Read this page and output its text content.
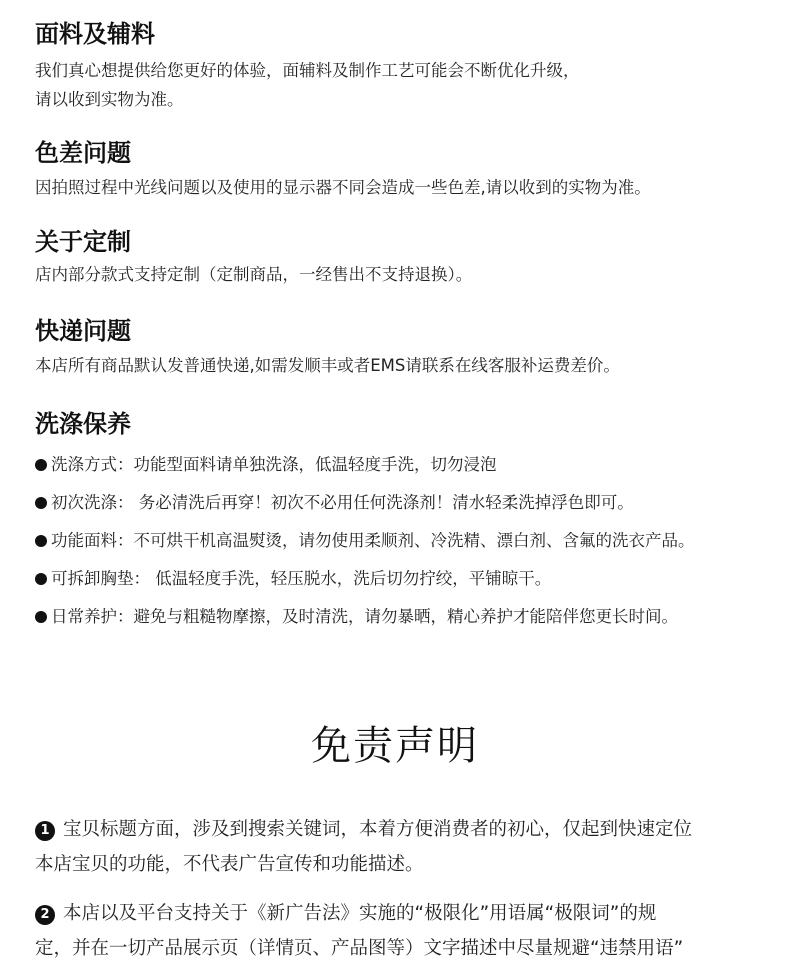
面料及辅料

我们真心想提供给您更好的体验，面辅料及制作工艺可能会不断优化升级，

请以收到实物为准。

色差问题

因拍照过程中光线问题以及使用的显示器不同会造成一些色差,请以收到的实物为准。

关于定制

店内部分款式支持定制（定制商品，一经售出不支持退换）。

快递问题

本店所有商品默认发普通快递,如需发顺丰或者EMS请联系在线客服补运费差价。

洗涤保养
洗涤方式：功能型面料请单独洗涤，低温轻度手洗，切勿浸泡
初次洗涤： 务必清洗后再穿！初次不必用任何洗涤剂！清水轻柔洗掉浮色即可。
功能面料：不可烘干机高温熨烫，请勿使用柔顺剂、冷洗精、漂白剂、含氟的洗衣产品。
可拆卸胸垫： 低温轻度手洗，轻压脱水，洗后切勿拧绞，平铺晾干。
日常养护：避免与粗糙物摩擦，及时清洗，请勿暴晒，精心养护才能陪伴您更长时间。
免责声明

1 宝贝标题方面，涉及到搜索关键词，本着方便消费者的初心，仅起到快速定位
本店宝贝的功能，不代表广告宣传和功能描述。

2 本店以及平台支持关于《新广告法》实施的“极限化”用语属“极限词”的规
定，并在一切产品展示页（详情页、产品图等）文字描述中尽量规避“违禁用语”
